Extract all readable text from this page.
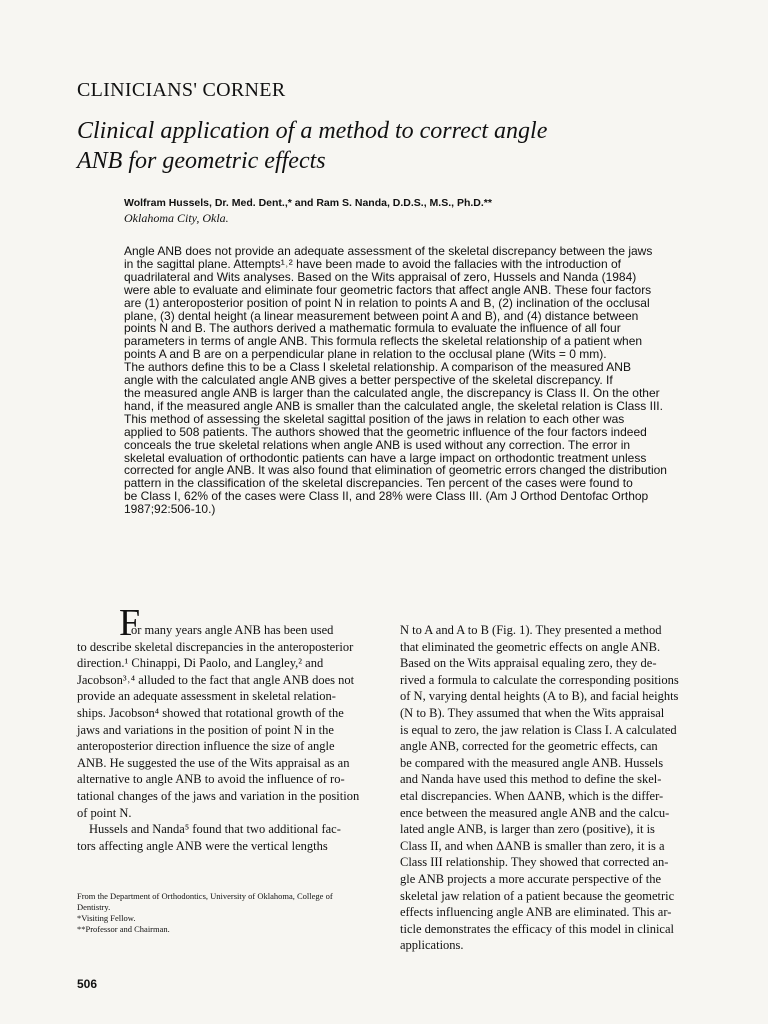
CLINICIANS' CORNER
Clinical application of a method to correct angle
ANB for geometric effects
Wolfram Hussels, Dr. Med. Dent.,* and Ram S. Nanda, D.D.S., M.S., Ph.D.**
Oklahoma City, Okla.
Angle ANB does not provide an adequate assessment of the skeletal discrepancy between the jaws
in the sagittal plane. Attempts¹˒² have been made to avoid the fallacies with the introduction of
quadrilateral and Wits analyses. Based on the Wits appraisal of zero, Hussels and Nanda (1984)
were able to evaluate and eliminate four geometric factors that affect angle ANB. These four factors
are (1) anteroposterior position of point N in relation to points A and B, (2) inclination of the occlusal
plane, (3) dental height (a linear measurement between point A and B), and (4) distance between
points N and B. The authors derived a mathematic formula to evaluate the influence of all four
parameters in terms of angle ANB. This formula reflects the skeletal relationship of a patient when
points A and B are on a perpendicular plane in relation to the occlusal plane (Wits = 0 mm).
The authors define this to be a Class I skeletal relationship. A comparison of the measured ANB
angle with the calculated angle ANB gives a better perspective of the skeletal discrepancy. If
the measured angle ANB is larger than the calculated angle, the discrepancy is Class II. On the other
hand, if the measured angle ANB is smaller than the calculated angle, the skeletal relation is Class III.
This method of assessing the skeletal sagittal position of the jaws in relation to each other was
applied to 508 patients. The authors showed that the geometric influence of the four factors indeed
conceals the true skeletal relations when angle ANB is used without any correction. The error in
skeletal evaluation of orthodontic patients can have a large impact on orthodontic treatment unless
corrected for angle ANB. It was also found that elimination of geometric errors changed the distribution
pattern in the classification of the skeletal discrepancies. Ten percent of the cases were found to
be Class I, 62% of the cases were Class II, and 28% were Class III. (Am J Orthod Dentofac Orthop
1987;92:506-10.)
F
or many years angle ANB has been used
to describe skeletal discrepancies in the anteroposterior
direction.¹ Chinappi, Di Paolo, and Langley,² and
Jacobson³˒⁴ alluded to the fact that angle ANB does not
provide an adequate assessment in skeletal relation-
ships. Jacobson⁴ showed that rotational growth of the
jaws and variations in the position of point N in the
anteroposterior direction influence the size of angle
ANB. He suggested the use of the Wits appraisal as an
alternative to angle ANB to avoid the influence of ro-
tational changes of the jaws and variation in the position
of point N.
Hussels and Nanda⁵ found that two additional fac-
tors affecting angle ANB were the vertical lengths
N to A and A to B (Fig. 1). They presented a method
that eliminated the geometric effects on angle ANB.
Based on the Wits appraisal equaling zero, they de-
rived a formula to calculate the corresponding positions
of N, varying dental heights (A to B), and facial heights
(N to B). They assumed that when the Wits appraisal
is equal to zero, the jaw relation is Class I. A calculated
angle ANB, corrected for the geometric effects, can
be compared with the measured angle ANB. Hussels
and Nanda have used this method to define the skel-
etal discrepancies. When ΔANB, which is the differ-
ence between the measured angle ANB and the calcu-
lated angle ANB, is larger than zero (positive), it is
Class II, and when ΔANB is smaller than zero, it is a
Class III relationship. They showed that corrected an-
gle ANB projects a more accurate perspective of the
skeletal jaw relation of a patient because the geometric
effects influencing angle ANB are eliminated. This ar-
ticle demonstrates the efficacy of this model in clinical
applications.
From the Department of Orthodontics, University of Oklahoma, College of
Dentistry.
*Visiting Fellow.
**Professor and Chairman.
506
